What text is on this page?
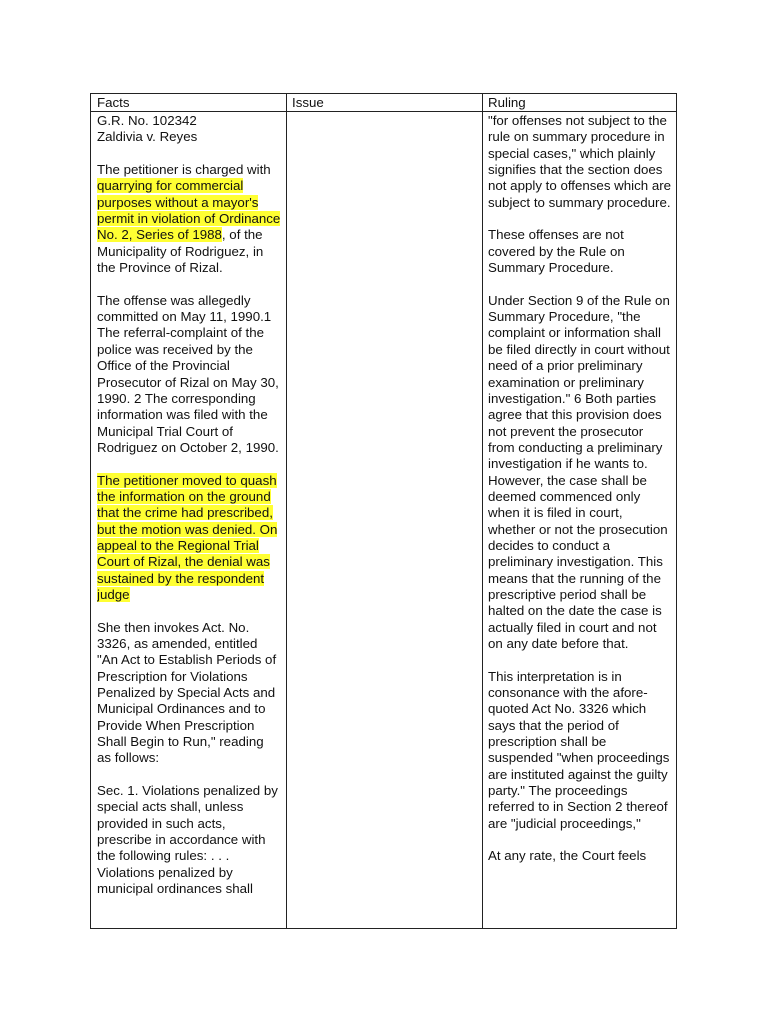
Facts	Issue	Ruling
G.R. No. 102342

Zaldivia v. Reyes

The petitioner is charged with quarrying for commercial purposes without a mayor's permit in violation of Ordinance No. 2, Series of 1988, of the Municipality of Rodriguez, in the Province of Rizal.

The offense was allegedly committed on May 11, 1990.1 The referral-complaint of the police was received by the Office of the Provincial Prosecutor of Rizal on May 30, 1990. 2 The corresponding information was filed with the Municipal Trial Court of Rodriguez on October 2, 1990.

The petitioner moved to quash the information on the ground that the crime had prescribed, but the motion was denied. On appeal to the Regional Trial Court of Rizal, the denial was sustained by the respondent judge

She then invokes Act. No. 3326, as amended, entitled "An Act to Establish Periods of Prescription for Violations Penalized by Special Acts and Municipal Ordinances and to Provide When Prescription Shall Begin to Run," reading as follows:

Sec. 1. Violations penalized by special acts shall, unless provided in such acts, prescribe in accordance with the following rules: . . . Violations penalized by municipal ordinances shall

"for offenses not subject to the rule on summary procedure in special cases," which plainly signifies that the section does not apply to offenses which are subject to summary procedure.

These offenses are not covered by the Rule on Summary Procedure.

Under Section 9 of the Rule on Summary Procedure, "the complaint or information shall be filed directly in court without need of a prior preliminary examination or preliminary investigation." 6 Both parties agree that this provision does not prevent the prosecutor from conducting a preliminary investigation if he wants to. However, the case shall be deemed commenced only when it is filed in court, whether or not the prosecution decides to conduct a preliminary investigation. This means that the running of the prescriptive period shall be halted on the date the case is actually filed in court and not on any date before that.

This interpretation is in consonance with the afore-quoted Act No. 3326 which says that the period of prescription shall be suspended "when proceedings are instituted against the guilty party." The proceedings referred to in Section 2 thereof are "judicial proceedings,"

At any rate, the Court feels
